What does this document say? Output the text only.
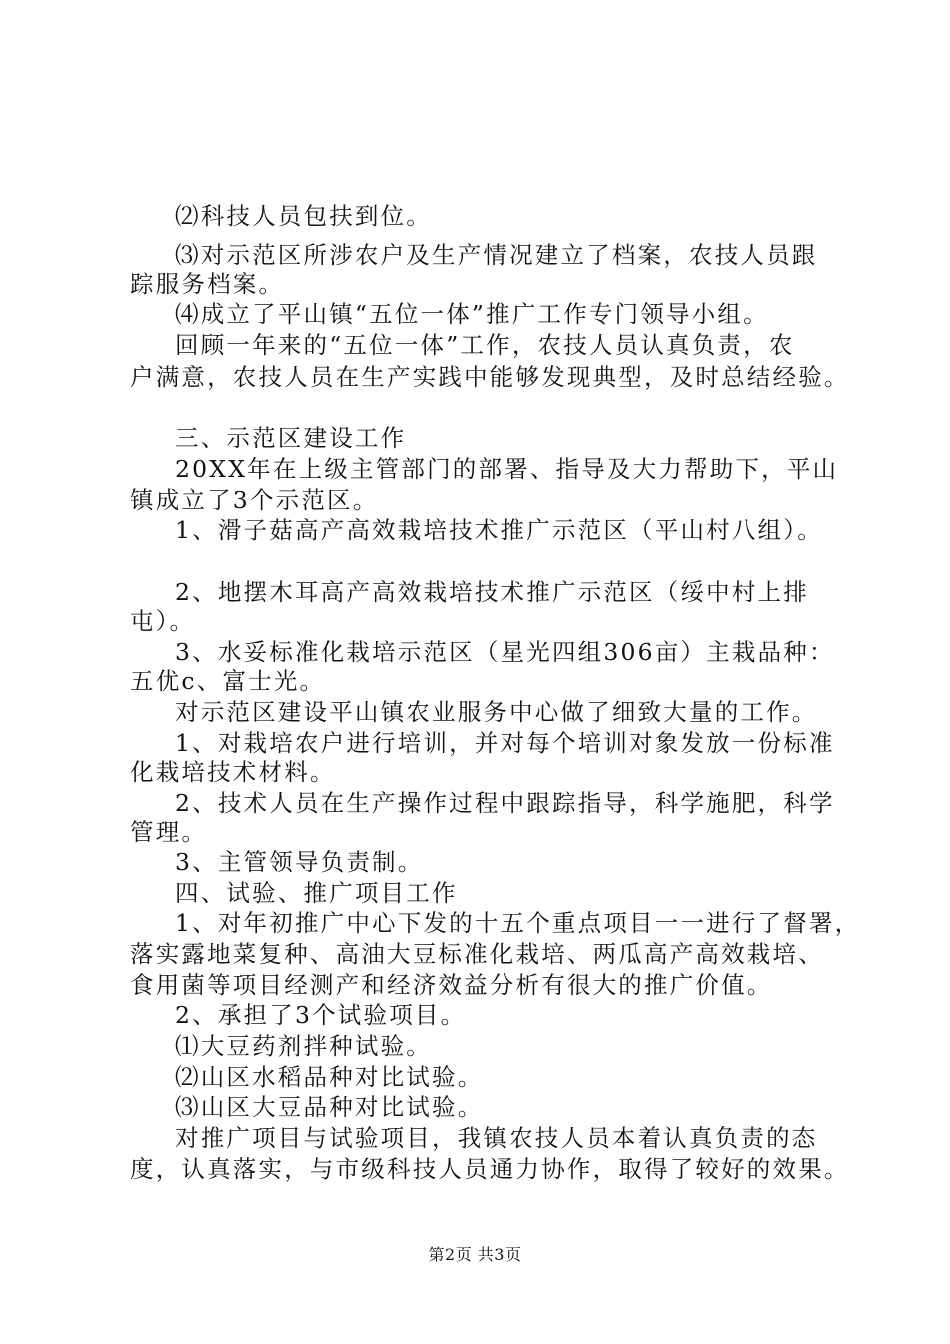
⑵科技人员包扶到位。
⑶对示范区所涉农户及生产情况建立了档案，农技人员跟
踪服务档案。
⑷成立了平山镇“五位一体”推广工作专门领导小组。
回顾一年来的“五位一体”工作，农技人员认真负责，农
户满意，农技人员在生产实践中能够发现典型，及时总结经验。
三、示范区建设工作
20XX年在上级主管部门的部署、指导及大力帮助下，平山
镇成立了3个示范区。
1、滑子菇高产高效栽培技术推广示范区（平山村八组）。
2、地摆木耳高产高效栽培技术推广示范区（绥中村上排
屯）。
3、水妥标准化栽培示范区（星光四组306亩）主栽品种：
五优c、富士光。
对示范区建设平山镇农业服务中心做了细致大量的工作。
1、对栽培农户进行培训，并对每个培训对象发放一份标准
化栽培技术材料。
2、技术人员在生产操作过程中跟踪指导，科学施肥，科学
管理。
3、主管领导负责制。
四、试验、推广项目工作
1、对年初推广中心下发的十五个重点项目一一进行了督署，
落实露地菜复种、高油大豆标准化栽培、两瓜高产高效栽培、
食用菌等项目经测产和经济效益分析有很大的推广价值。
2、承担了3个试验项目。
⑴大豆药剂拌种试验。
⑵山区水稻品种对比试验。
⑶山区大豆品种对比试验。
对推广项目与试验项目，我镇农技人员本着认真负责的态
度，认真落实，与市级科技人员通力协作，取得了较好的效果。
第2页 共3页
